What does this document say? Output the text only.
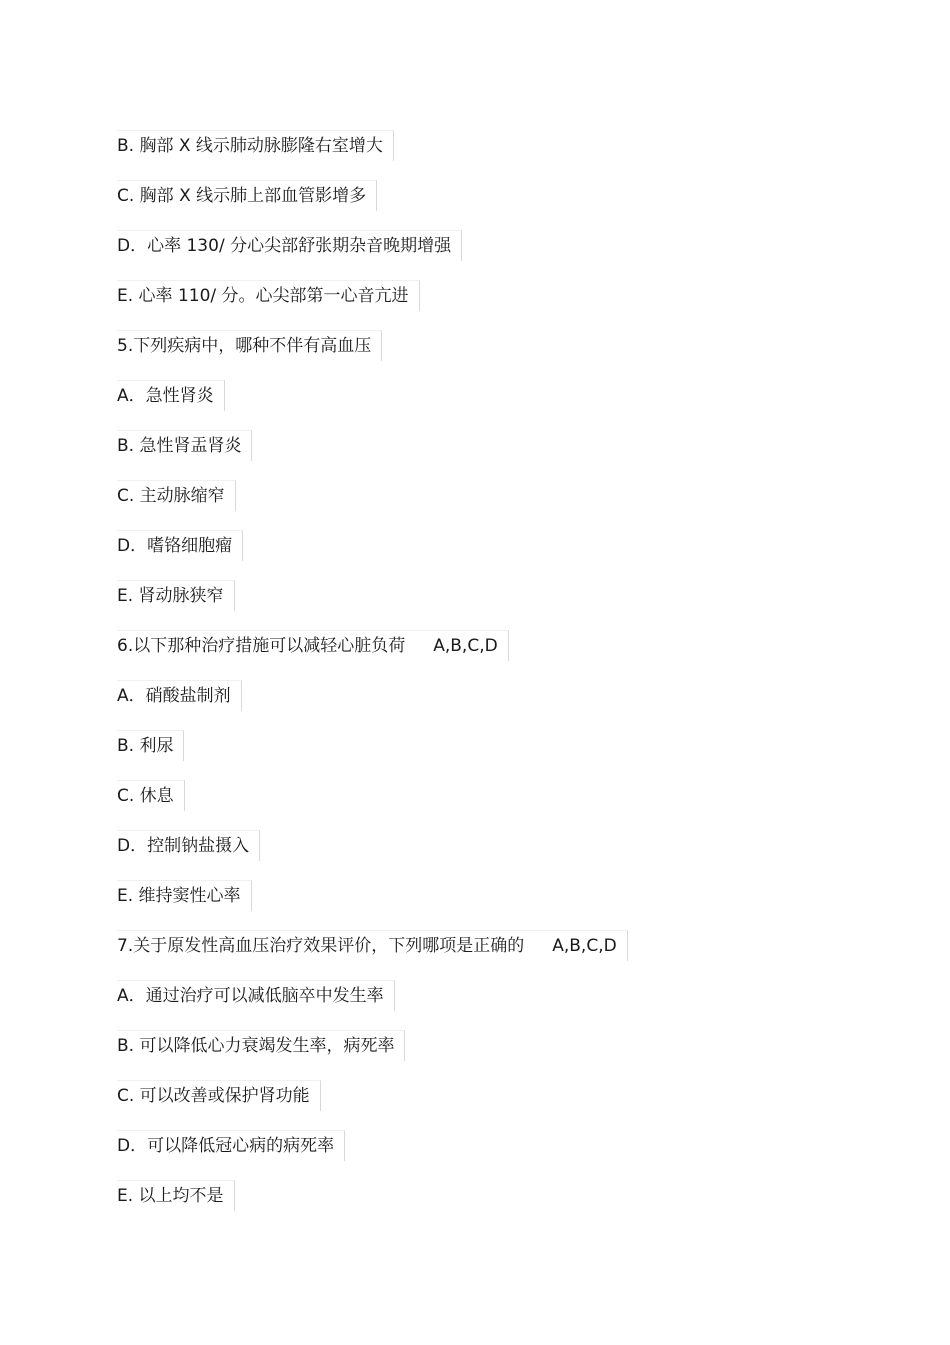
B. 胸部 X 线示肺动脉膨隆右室增大
C. 胸部 X 线示肺上部血管影增多
D．心率 130/ 分心尖部舒张期杂音晚期增强
E. 心率 110/ 分。心尖部第一心音亢进
5.下列疾病中，哪种不伴有高血压
A．急性肾炎
B. 急性肾盂肾炎
C. 主动脉缩窄
D．嗜铬细胞瘤
E. 肾动脉狭窄
6.以下那种治疗措施可以减轻心脏负荷 A,B,C,D
A．硝酸盐制剂
B. 利尿
C. 休息
D．控制钠盐摄入
E. 维持窦性心率
7.关于原发性高血压治疗效果评价，下列哪项是正确的 A,B,C,D
A．通过治疗可以减低脑卒中发生率
B. 可以降低心力衰竭发生率，病死率
C. 可以改善或保护肾功能
D．可以降低冠心病的病死率
E. 以上均不是
